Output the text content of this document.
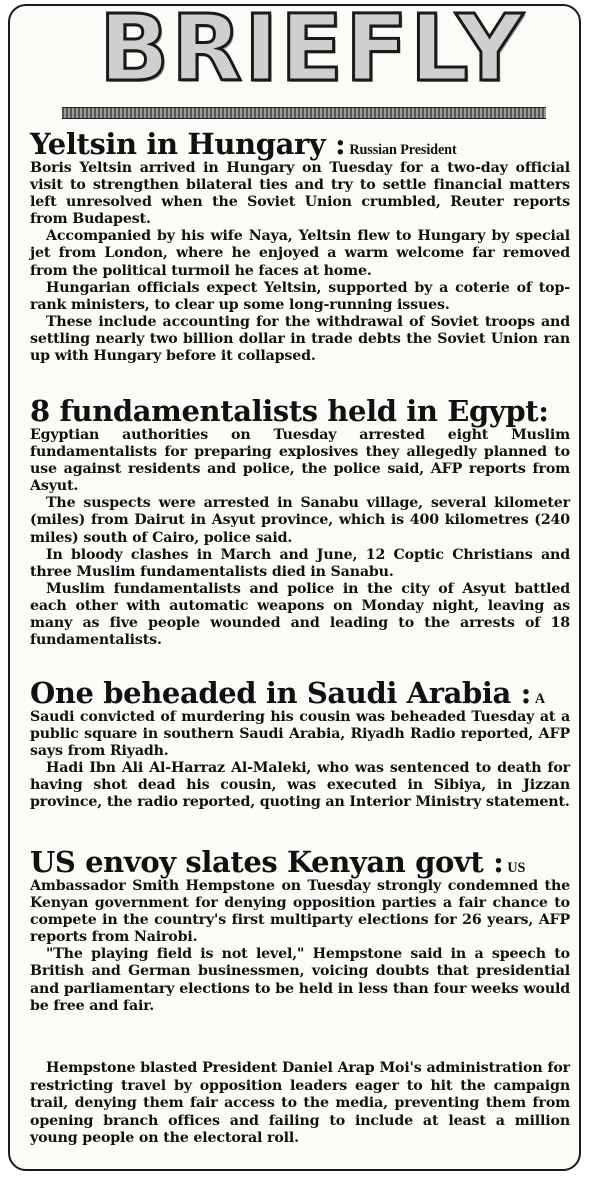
BRIEFLY
Yeltsin in Hungary : Russian President

Boris Yeltsin arrived in Hungary on Tuesday for a two-day official visit to strengthen bilateral ties and try to settle financial matters left unresolved when the Soviet Union crumbled, Reuter reports from Budapest.

Accompanied by his wife Naya, Yeltsin flew to Hungary by special jet from London, where he enjoyed a warm welcome far removed from the political turmoil he faces at home.

Hungarian officials expect Yeltsin, supported by a coterie of top-rank ministers, to clear up some long-running issues.

These include accounting for the withdrawal of Soviet troops and settling nearly two billion dollar in trade debts the Soviet Union ran up with Hungary before it collapsed.

8 fundamentalists held in Egypt:

Egyptian authorities on Tuesday arrested eight Muslim fundamentalists for preparing explosives they allegedly planned to use against residents and police, the police said, AFP reports from Asyut.

The suspects were arrested in Sanabu village, several kilometer (miles) from Dairut in Asyut province, which is 400 kilometres (240 miles) south of Cairo, police said.

In bloody clashes in March and June, 12 Coptic Christians and three Muslim fundamentalists died in Sanabu.

Muslim fundamentalists and police in the city of Asyut battled each other with automatic weapons on Monday night, leaving as many as five people wounded and leading to the arrests of 18 fundamentalists.

One beheaded in Saudi Arabia : A

Saudi convicted of murdering his cousin was beheaded Tuesday at a public square in southern Saudi Arabia, Riyadh Radio reported, AFP says from Riyadh.

Hadi Ibn Ali Al-Harraz Al-Maleki, who was sentenced to death for having shot dead his cousin, was executed in Sibiya, in Jizzan province, the radio reported, quoting an Interior Ministry statement.

US envoy slates Kenyan govt : US

Ambassador Smith Hempstone on Tuesday strongly condemned the Kenyan government for denying opposition parties a fair chance to compete in the country's first multiparty elections for 26 years, AFP reports from Nairobi.

"The playing field is not level," Hempstone said in a speech to British and German businessmen, voicing doubts that presidential and parliamentary elections to be held in less than four weeks would be free and fair.

Hempstone blasted President Daniel Arap Moi's administration for restricting travel by opposition leaders eager to hit the campaign trail, denying them fair access to the media, preventing them from opening branch offices and failing to include at least a million young people on the electoral roll.
